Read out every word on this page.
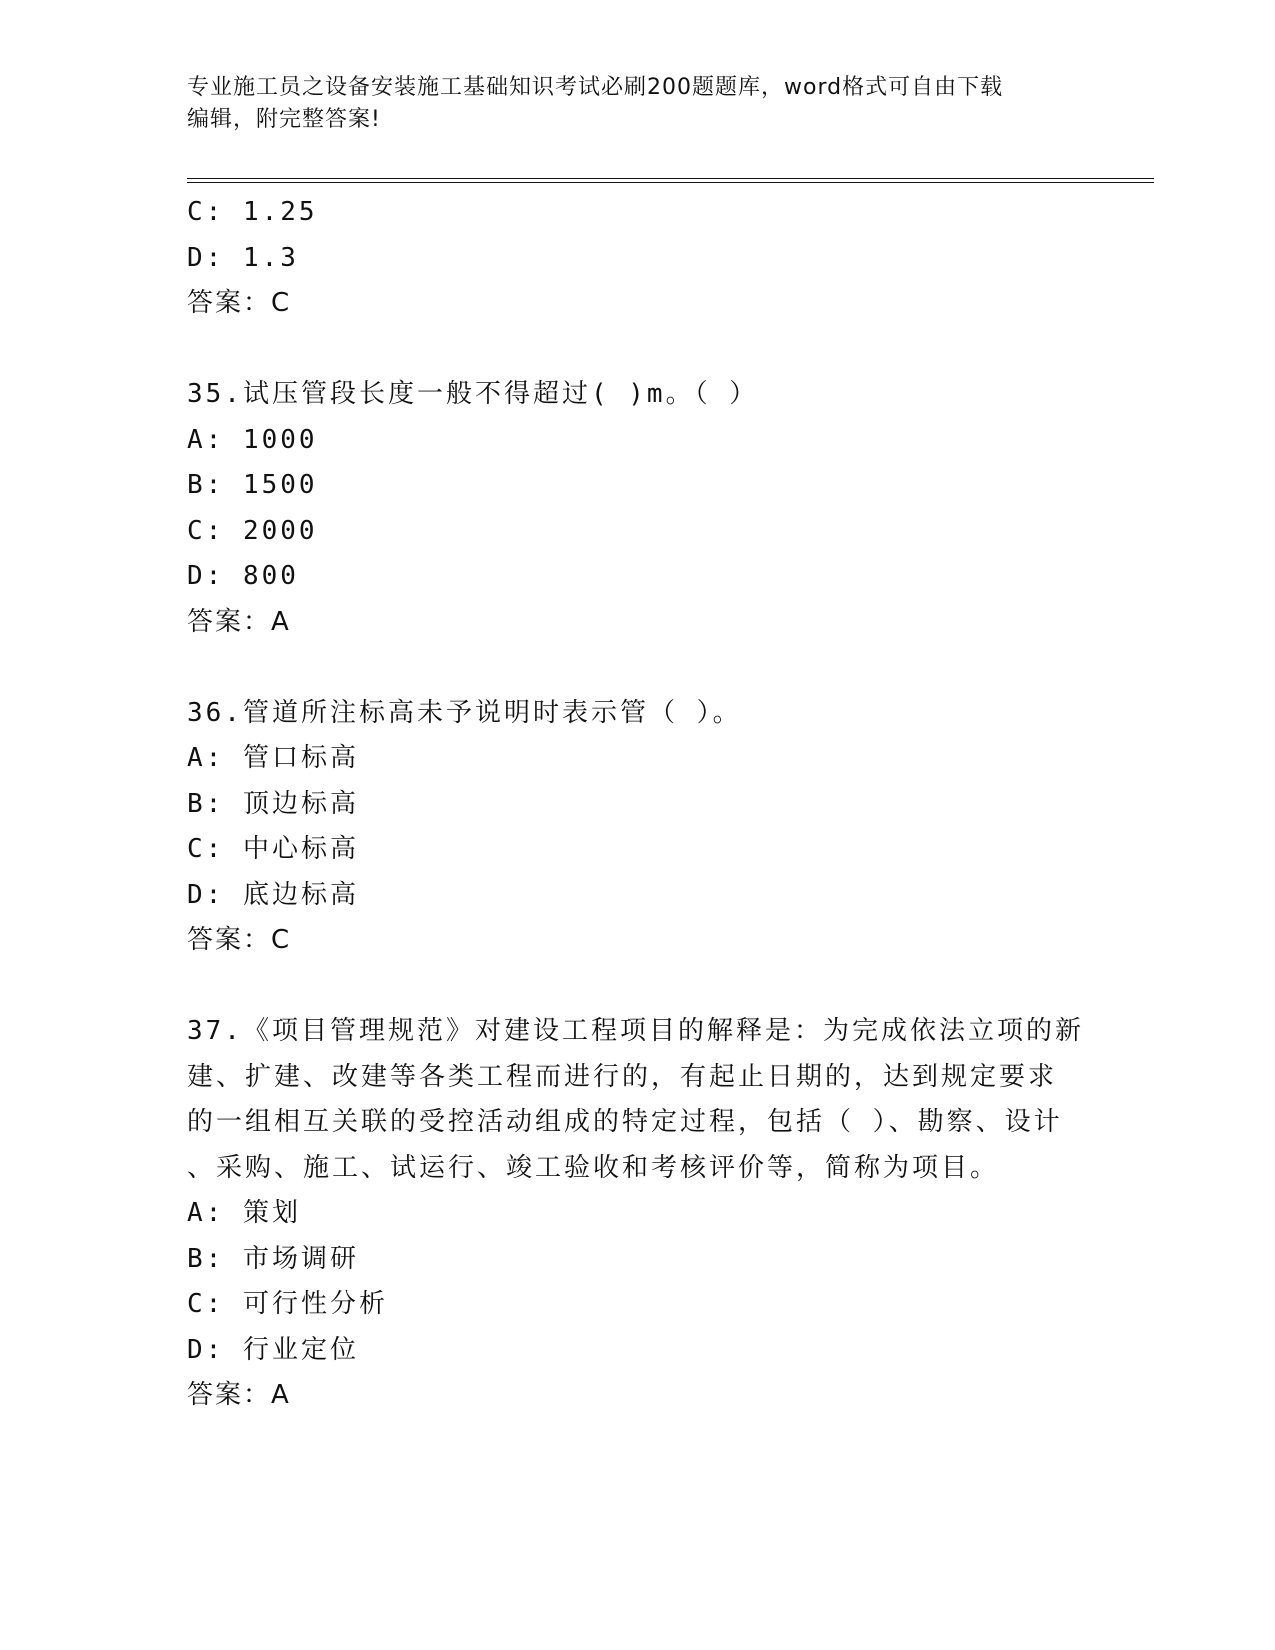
专业施工员之设备安装施工基础知识考试必刷200题题库，word格式可自由下载
编辑，附完整答案!
C: 1.25
D: 1.3
答案：C
35.试压管段长度一般不得超过( )m。（ ）
A: 1000
B: 1500
C: 2000
D: 800
答案：A
36.管道所注标高未予说明时表示管（ ）。
A: 管口标高
B: 顶边标高
C: 中心标高
D: 底边标高
答案：C
37.《项目管理规范》对建设工程项目的解释是：为完成依法立项的新
建、扩建、改建等各类工程而进行的，有起止日期的，达到规定要求
的一组相互关联的受控活动组成的特定过程，包括（ ）、勘察、设计
、采购、施工、试运行、竣工验收和考核评价等，简称为项目。
A: 策划
B: 市场调研
C: 可行性分析
D: 行业定位
答案：A
